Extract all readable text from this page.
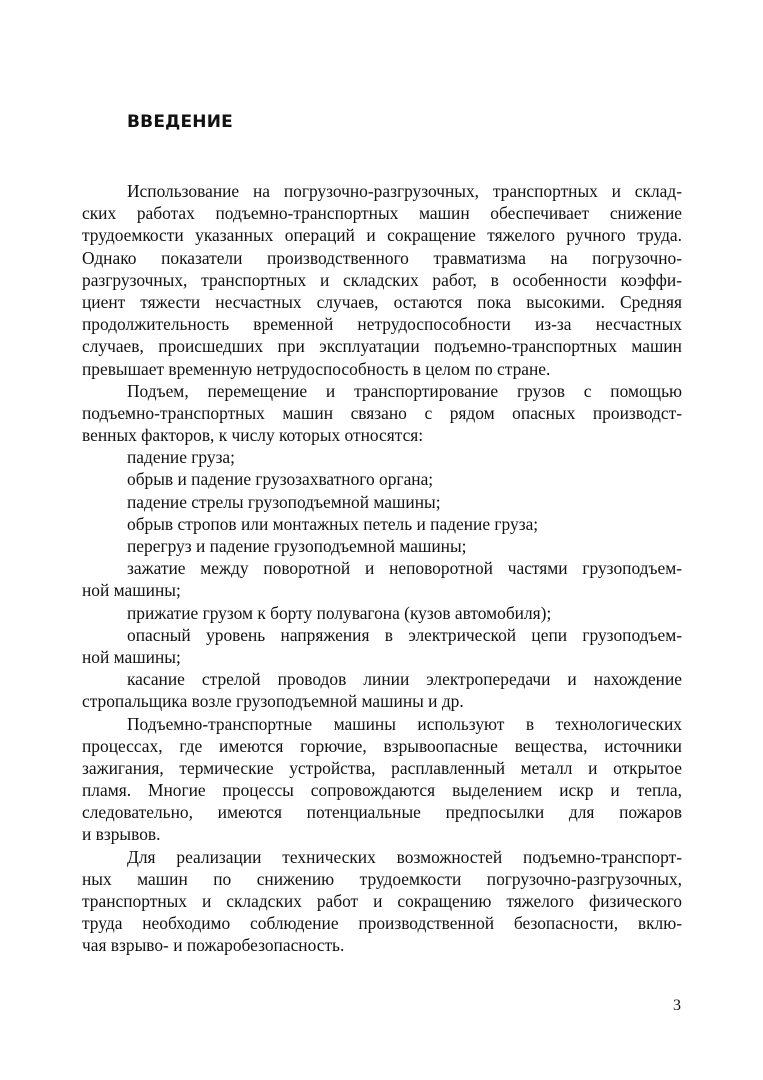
ВВЕДЕНИЕ
Использование на погрузочно-разгрузочных, транспортных и склад-
ских работах подъемно-транспортных машин обеспечивает снижение
трудоемкости указанных операций и сокращение тяжелого ручного труда.
Однако показатели производственного травматизма на погрузочно-
разгрузочных, транспортных и складских работ, в особенности коэффи-
циент тяжести несчастных случаев, остаются пока высокими. Средняя
продолжительность временной нетрудоспособности из-за несчастных
случаев, происшедших при эксплуатации подъемно-транспортных машин
превышает временную нетрудоспособность в целом по стране.
Подъем, перемещение и транспортирование грузов с помощью
подъемно-транспортных машин связано с рядом опасных производст-
венных факторов, к числу которых относятся:
падение груза;
обрыв и падение грузозахватного органа;
падение стрелы грузоподъемной машины;
обрыв стропов или монтажных петель и падение груза;
перегруз и падение грузоподъемной машины;
зажатие между поворотной и неповоротной частями грузоподъем-
ной машины;
прижатие грузом к борту полувагона (кузов автомобиля);
опасный уровень напряжения в электрической цепи грузоподъем-
ной машины;
касание стрелой проводов линии электропередачи и нахождение
стропальщика возле грузоподъемной машины и др.
Подъемно-транспортные машины используют в технологических
процессах, где имеются горючие, взрывоопасные вещества, источники
зажигания, термические устройства, расплавленный металл и открытое
пламя. Многие процессы сопровождаются выделением искр и тепла,
следовательно, имеются потенциальные предпосылки для пожаров
и взрывов.
Для реализации технических возможностей подъемно-транспорт-
ных машин по снижению трудоемкости погрузочно-разгрузочных,
транспортных и складских работ и сокращению тяжелого физического
труда необходимо соблюдение производственной безопасности, вклю-
чая взрыво- и пожаробезопасность.
3
